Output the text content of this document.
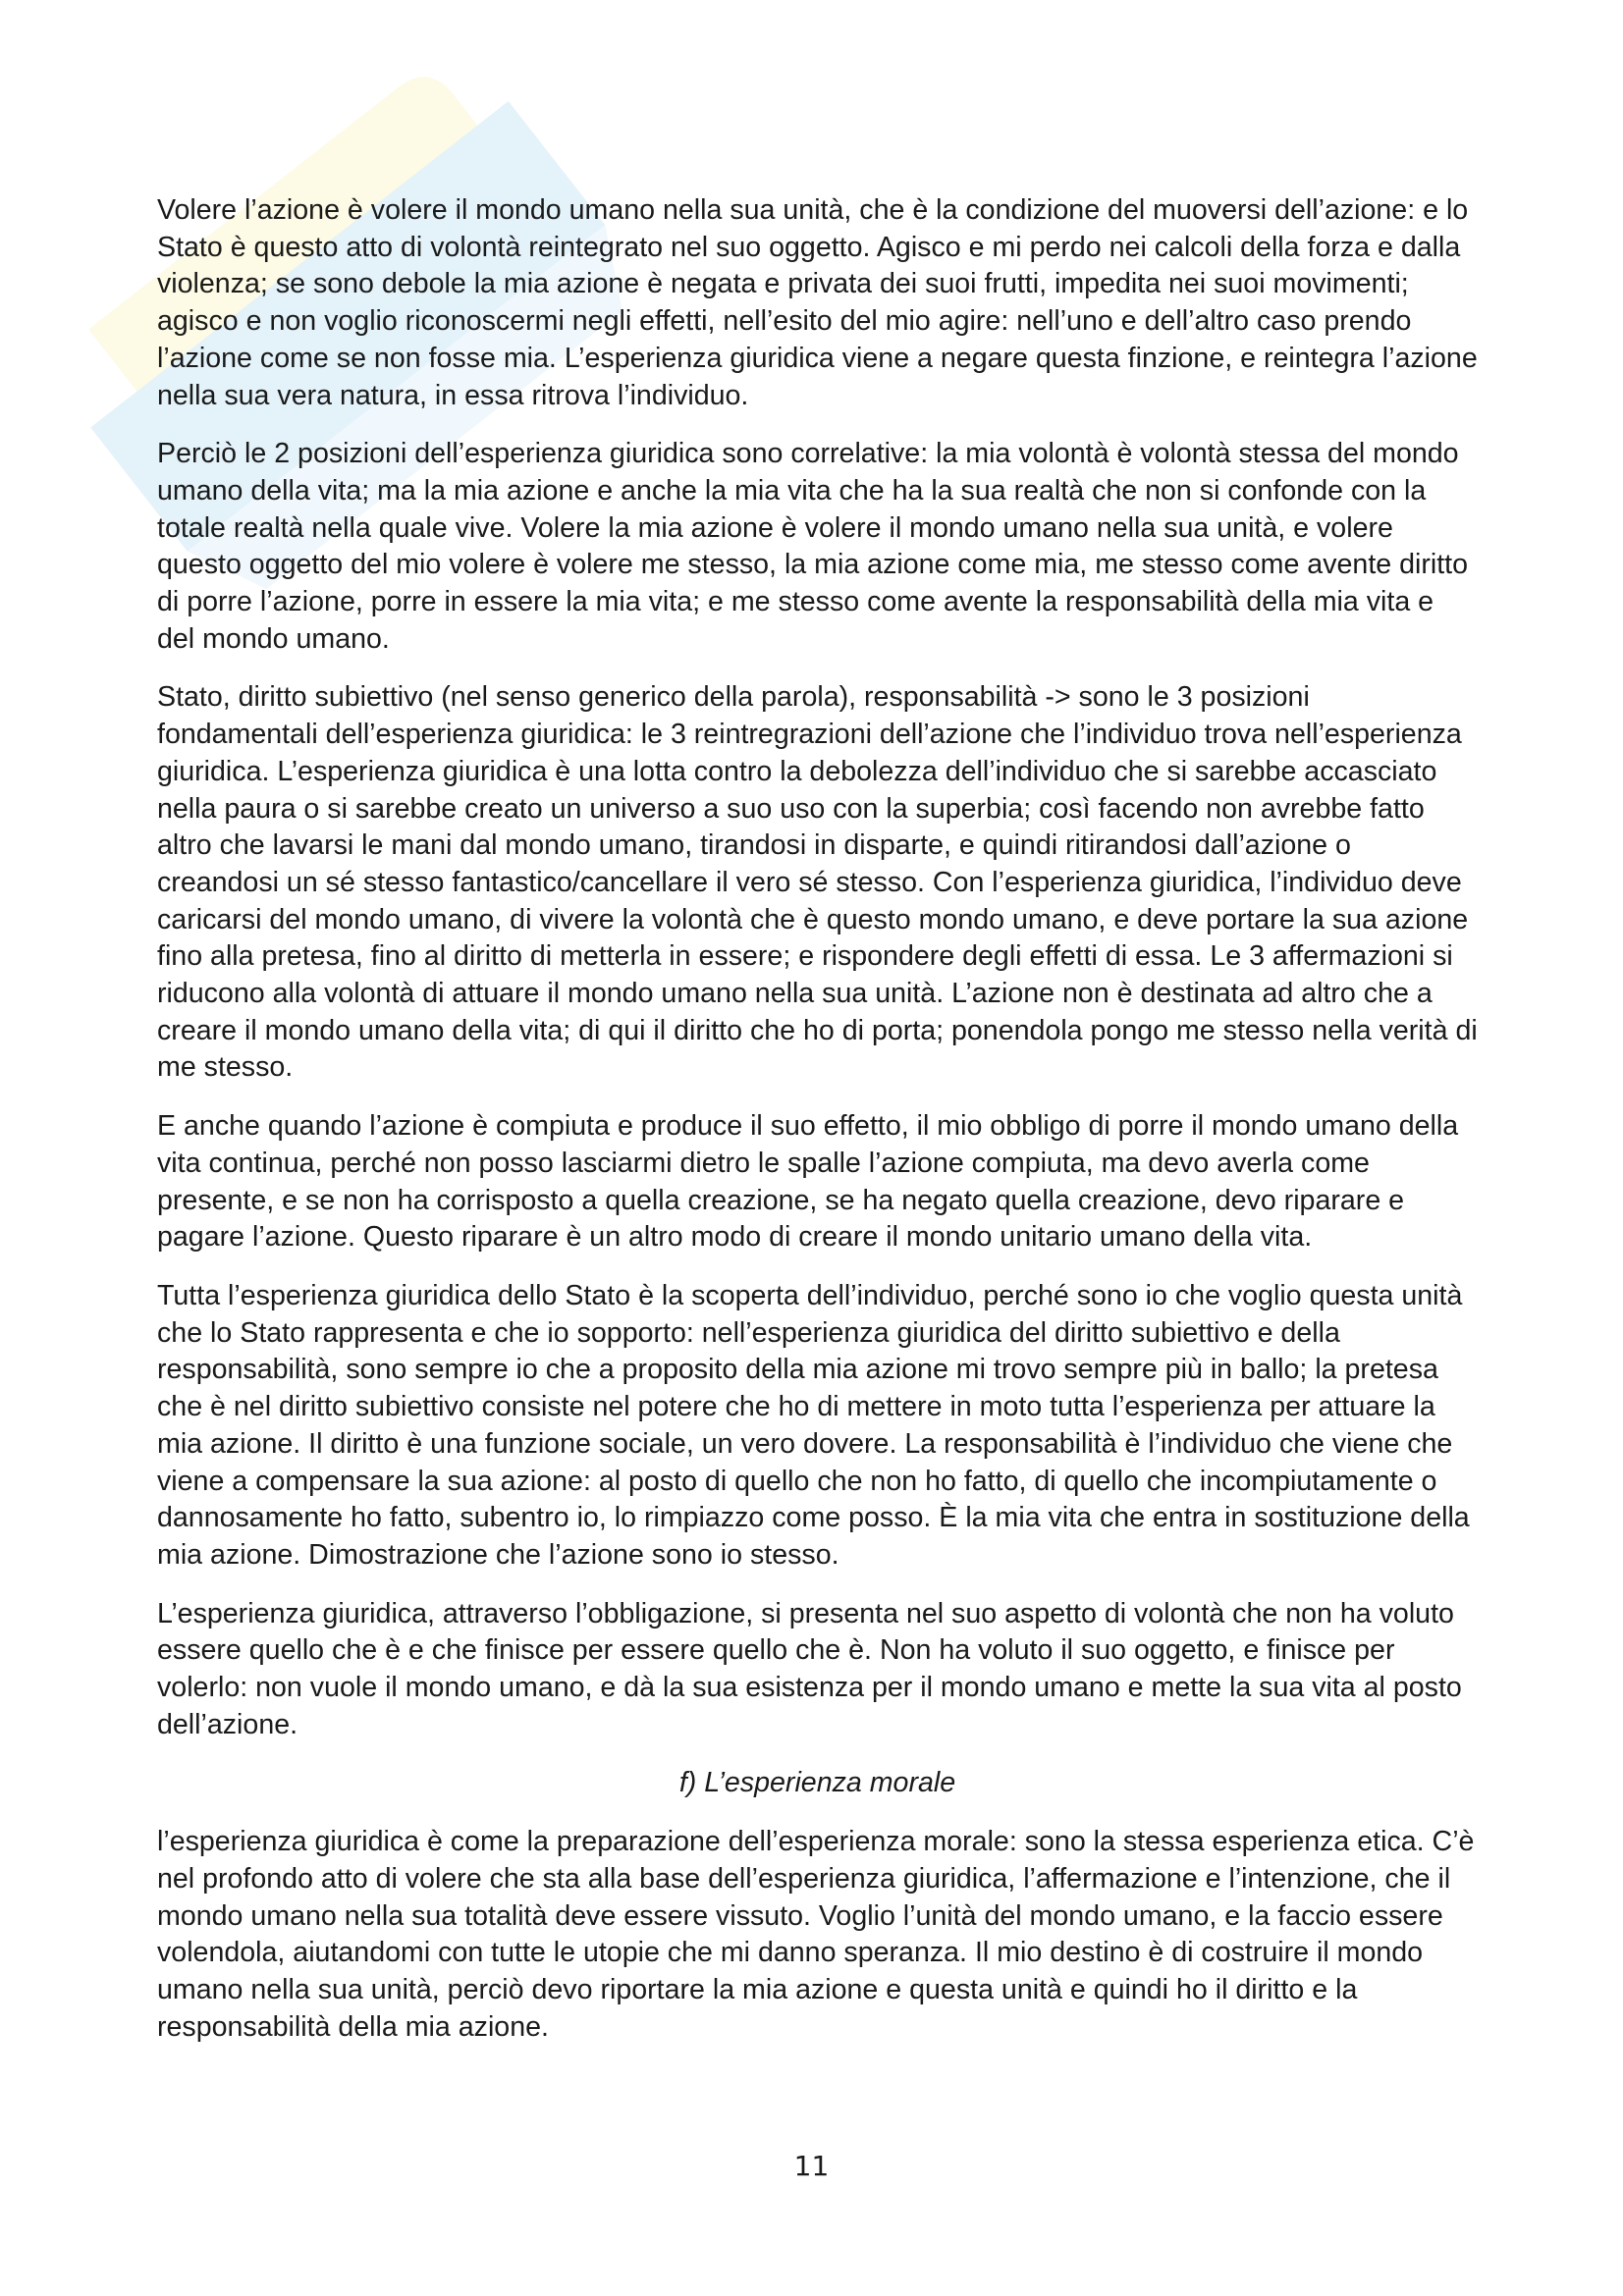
Volere l’azione è volere il mondo umano nella sua unità, che è la condizione del muoversi dell’azione: e lo Stato è questo atto di volontà reintegrato nel suo oggetto. Agisco e mi perdo nei calcoli della forza e dalla violenza; se sono debole la mia azione è negata e privata dei suoi frutti, impedita nei suoi movimenti; agisco e non voglio riconoscermi negli effetti, nell’esito del mio agire: nell’uno e dell’altro caso prendo l’azione come se non fosse mia. L’esperienza giuridica viene a negare questa finzione, e reintegra l’azione nella sua vera natura, in essa ritrova l’individuo.

Perciò le 2 posizioni dell’esperienza giuridica sono correlative: la mia volontà è volontà stessa del mondo umano della vita; ma la mia azione e anche la mia vita che ha la sua realtà che non si confonde con la totale realtà nella quale vive. Volere la mia azione è volere il mondo umano nella sua unità, e volere questo oggetto del mio volere è volere me stesso, la mia azione come mia, me stesso come avente diritto di porre l’azione, porre in essere la mia vita; e me stesso come avente la responsabilità della mia vita e del mondo umano.

Stato, diritto subiettivo (nel senso generico della parola), responsabilità -> sono le 3 posizioni fondamentali dell’esperienza giuridica: le 3 reintregrazioni dell’azione che l’individuo trova nell’esperienza giuridica. L’esperienza giuridica è una lotta contro la debolezza dell’individuo che si sarebbe accasciato nella paura o si sarebbe creato un universo a suo uso con la superbia; così facendo non avrebbe fatto altro che lavarsi le mani dal mondo umano, tirandosi in disparte, e quindi ritirandosi dall’azione o creandosi un sé stesso fantastico/cancellare il vero sé stesso. Con l’esperienza giuridica, l’individuo deve caricarsi del mondo umano, di vivere la volontà che è questo mondo umano, e deve portare la sua azione fino alla pretesa, fino al diritto di metterla in essere; e rispondere degli effetti di essa. Le 3 affermazioni si riducono alla volontà di attuare il mondo umano nella sua unità. L’azione non è destinata ad altro che a creare il mondo umano della vita; di qui il diritto che ho di porta; ponendola pongo me stesso nella verità di me stesso.

E anche quando l’azione è compiuta e produce il suo effetto, il mio obbligo di porre il mondo umano della vita continua, perché non posso lasciarmi dietro le spalle l’azione compiuta, ma devo averla come presente, e se non ha corrisposto a quella creazione, se ha negato quella creazione, devo riparare e pagare l’azione. Questo riparare è un altro modo di creare il mondo unitario umano della vita.

Tutta l’esperienza giuridica dello Stato è la scoperta dell’individuo, perché sono io che voglio questa unità che lo Stato rappresenta e che io sopporto: nell’esperienza giuridica del diritto subiettivo e della responsabilità, sono sempre io che a proposito della mia azione mi trovo sempre più in ballo; la pretesa che è nel diritto subiettivo consiste nel potere che ho di mettere in moto tutta l’esperienza per attuare la mia azione. Il diritto è una funzione sociale, un vero dovere. La responsabilità è l’individuo che viene che viene a compensare la sua azione: al posto di quello che non ho fatto, di quello che incompiutamente o dannosamente ho fatto, subentro io, lo rimpiazzo come posso. È la mia vita che entra in sostituzione della mia azione. Dimostrazione che l’azione sono io stesso.

L’esperienza giuridica, attraverso l’obbligazione, si presenta nel suo aspetto di volontà che non ha voluto essere quello che è e che finisce per essere quello che è. Non ha voluto il suo oggetto, e finisce per volerlo: non vuole il mondo umano, e dà la sua esistenza per il mondo umano e mette la sua vita al posto dell’azione.

f) L’esperienza morale

l’esperienza giuridica è come la preparazione dell’esperienza morale: sono la stessa esperienza etica. C’è nel profondo atto di volere che sta alla base dell’esperienza giuridica, l’affermazione e l’intenzione, che il mondo umano nella sua totalità deve essere vissuto. Voglio l’unità del mondo umano, e la faccio essere volendola, aiutandomi con tutte le utopie che mi danno speranza. Il mio destino è di costruire il mondo umano nella sua unità, perciò devo riportare la mia azione e questa unità e quindi ho il diritto e la responsabilità della mia azione.

11
